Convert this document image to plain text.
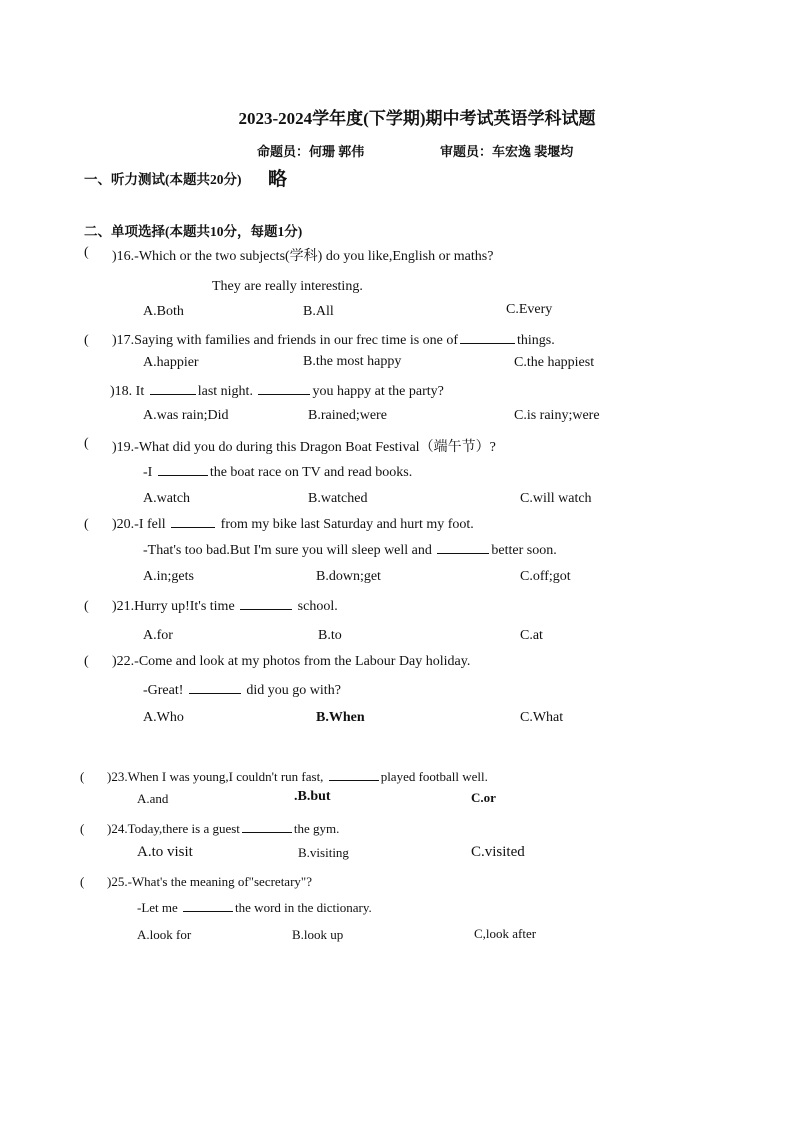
2023-2024学年度(下学期)期中考试英语学科试题
命题员：何珊 郭伟	审题员：车宏逸 裴堰均
一、听力测试(本题共20分) 略
二、单项选择(本题共10分，每题1分)
( )16.-Which or the two subjects(学科) do you like,English or maths?
They are really interesting.
A.Both	B.All	C.Every
( )17.Saying with families and friends in our frec time is one of	things.
A.happier	B.the most happy	C.the happiest
)18. It	last night.	you happy at the party?
A.was rain;Did	B.rained;were	C.is rainy;were
( )19.-What did you do during this Dragon Boat Festival（端午节）?
-I	the boat race on TV and read books.
A.watch	B.watched	C.will watch
( )20.-I fell	from my bike last Saturday and hurt my foot.
-That's too bad.But I'm sure you will sleep well and	better soon.
A.in;gets	B.down;get	C.off;got
( )21.Hurry up!It's time	school.
A.for	B.to	C.at
( )22.-Come and look at my photos from the Labour Day holiday.
-Great!	did you go with?
A.Who	B.When	C.What
( )23.When I was young,I couldn't run fast,	played football well.
A.and	.B.but	C.or
( )24.Today,there is a guest	the gym.
A.to visit	B.visiting	C.visited
( )25.-What's the meaning of"secretary"?
-Let me	the word in the dictionary.
A.look for	B.look up	C,look after
